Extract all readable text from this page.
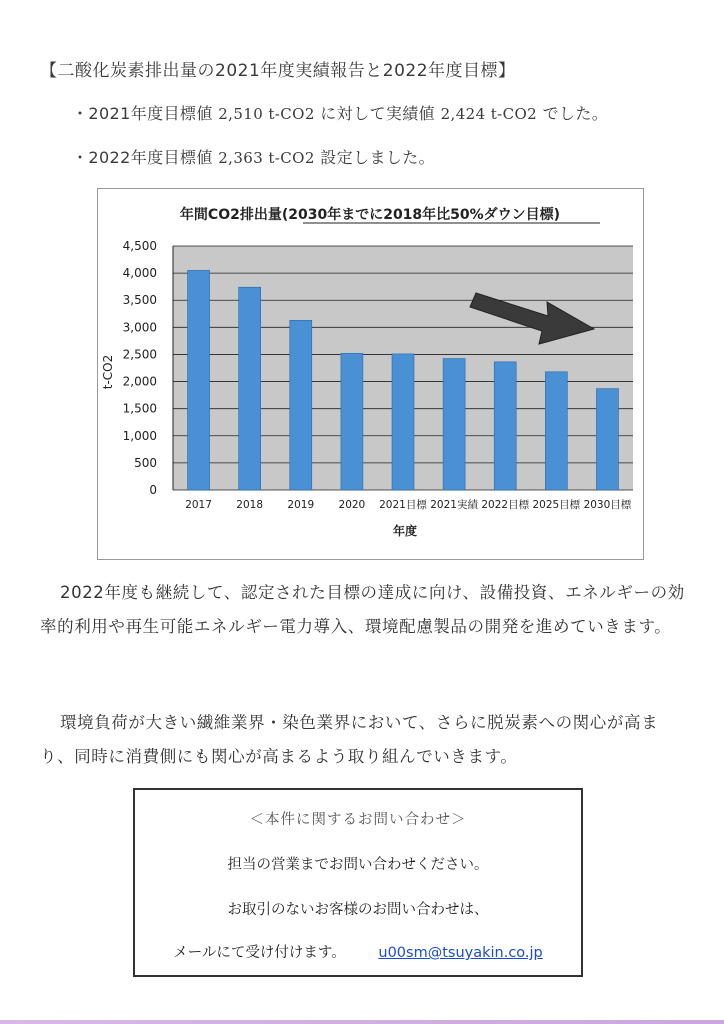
【二酸化炭素排出量の2021年度実績報告と2022年度目標】
・2021年度目標値 2,510 t-CO2 に対して実績値 2,424 t-CO2 でした。
・2022年度目標値 2,363 t-CO2 設定しました。
年間CO2排出量(2030年までに2018年比50%ダウン目標)
0
500
1,000
1,500
2,000
2,500
3,000
3,500
4,000
4,500
2017 2018 2019 2020 2021目標 2021実績 2022目標 2025目標 2030目標
t-CO2
年度
2022年度も継続して、認定された目標の達成に向け、設備投資、エネルギーの効率的利用や再生可能エネルギー電力導入、環境配慮製品の開発を進めていきます。
環境負荷が大きい繊維業界・染色業界において、さらに脱炭素への関心が高まり、同時に消費側にも関心が高まるよう取り組んでいきます。
＜本件に関するお問い合わせ＞
担当の営業までお問い合わせください。
お取引のないお客様のお問い合わせは、
メールにて受け付けます。 u00sm@tsuyakin.co.jp
